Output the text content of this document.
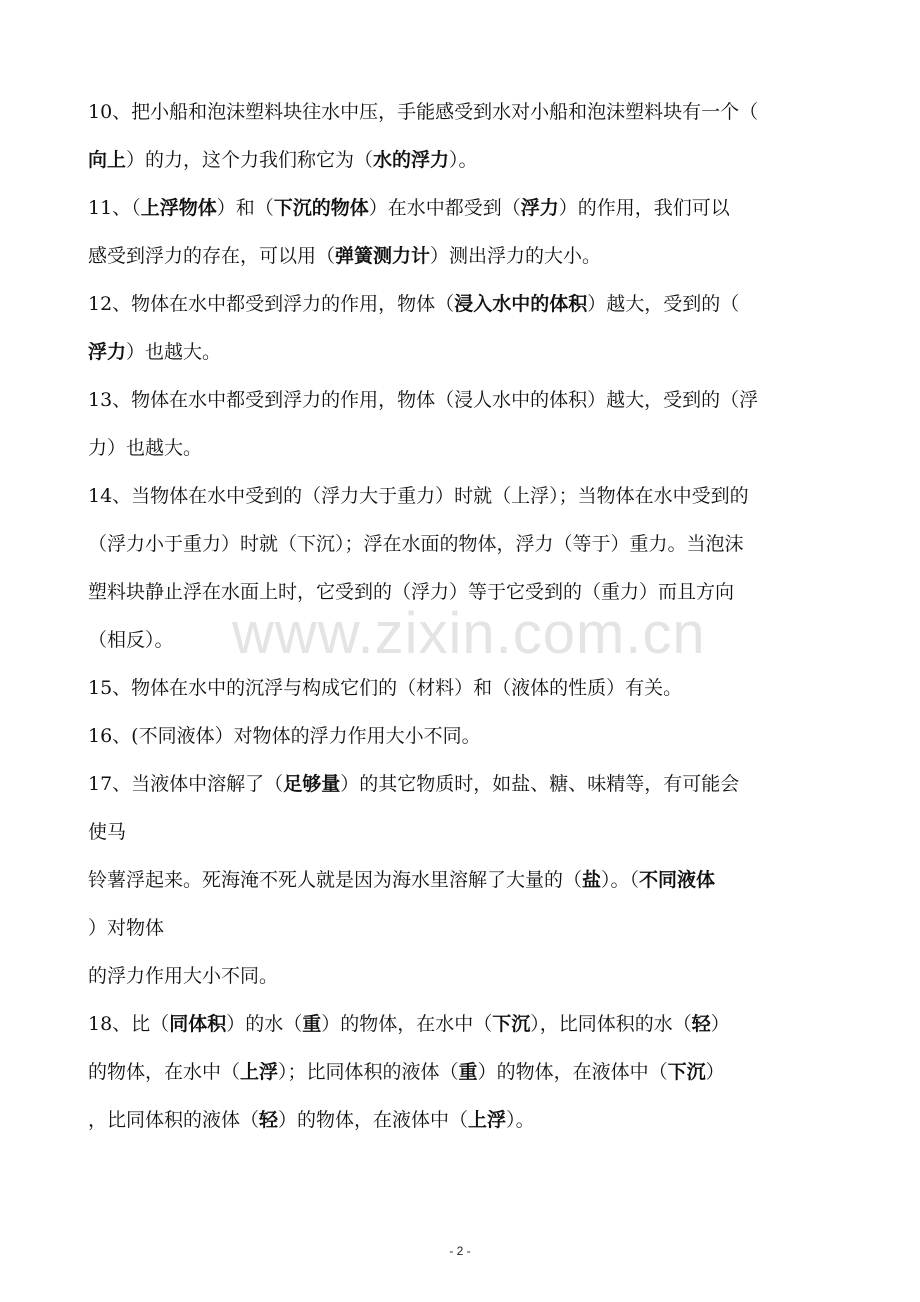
www.zixin.com.cn
10、把小船和泡沫塑料块往水中压，手能感受到水对小船和泡沫塑料块有一个（
向上）的力，这个力我们称它为（水的浮力）。
11、（上浮物体）和（下沉的物体）在水中都受到（浮力）的作用，我们可以
感受到浮力的存在，可以用（弹簧测力计）测出浮力的大小。
12、物体在水中都受到浮力的作用，物体（浸入水中的体积）越大，受到的（
浮力）也越大。
13、物体在水中都受到浮力的作用，物体（浸人水中的体积）越大，受到的（浮
力）也越大。
14、当物体在水中受到的（浮力大于重力）时就（上浮）；当物体在水中受到的
（浮力小于重力）时就（下沉）；浮在水面的物体，浮力（等于）重力。当泡沫
塑料块静止浮在水面上时，它受到的（浮力）等于它受到的（重力）而且方向
（相反）。
15、物体在水中的沉浮与构成它们的（材料）和（液体的性质）有关。
16、(不同液体）对物体的浮力作用大小不同。
17、当液体中溶解了（足够量）的其它物质时，如盐、糖、味精等，有可能会
使马
铃薯浮起来。死海淹不死人就是因为海水里溶解了大量的（盐）。（不同液体
）对物体
的浮力作用大小不同。
18、比（同体积）的水（重）的物体，在水中（下沉），比同体积的水（轻）
的物体，在水中（上浮）；比同体积的液体（重）的物体，在液体中（下沉）
，比同体积的液体（轻）的物体，在液体中（上浮）。
- 2 -
